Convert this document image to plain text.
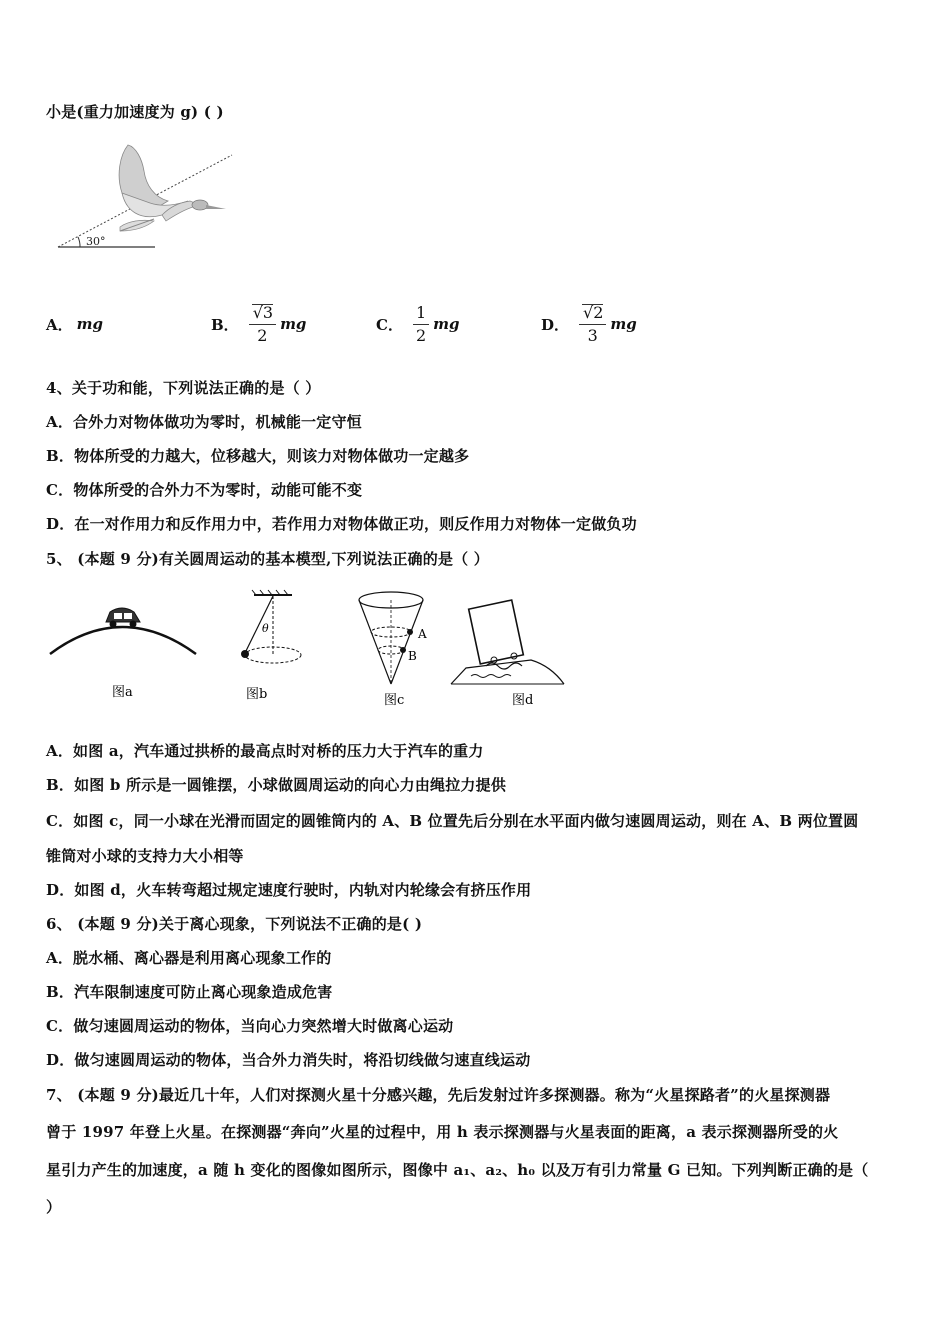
小是(重力加速度为 g) ( )
30°
A． mg	B． $\frac{√3}{2}$ mg	C． $\frac{1}{2}$ mg	D． $\frac{√2}{3}$ mg
4、关于功和能，下列说法正确的是（ ）
A．合外力对物体做功为零时，机械能一定守恒
B．物体所受的力越大，位移越大，则该力对物体做功一定越多
C．物体所受的合外力不为零时，动能可能不变
D．在一对作用力和反作用力中，若作用力对物体做正功，则反作用力对物体一定做负功
5、 (本题 9 分)有关圆周运动的基本模型,下列说法正确的是（ ）
图a
θ
图b
A
B
图c	图d
A．如图 a，汽车通过拱桥的最高点时对桥的压力大于汽车的重力
B．如图 b 所示是一圆锥摆，小球做圆周运动的向心力由绳拉力提供
C．如图 c，同一小球在光滑而固定的圆锥筒内的 A、B 位置先后分别在水平面内做匀速圆周运动，则在 A、B 两位置圆
锥筒对小球的支持力大小相等
D．如图 d，火车转弯超过规定速度行驶时，内轨对内轮缘会有挤压作用
6、 (本题 9 分)关于离心现象，下列说法不正确的是( )
A．脱水桶、离心器是利用离心现象工作的
B．汽车限制速度可防止离心现象造成危害
C．做匀速圆周运动的物体，当向心力突然增大时做离心运动
D．做匀速圆周运动的物体，当合外力消失时，将沿切线做匀速直线运动
7、 (本题 9 分)最近几十年，人们对探测火星十分感兴趣，先后发射过许多探测器。称为“火星探路者”的火星探测器
曾于 1997 年登上火星。在探测器“奔向”火星的过程中，用 h 表示探测器与火星表面的距离，a 表示探测器所受的火
星引力产生的加速度，a 随 h 变化的图像如图所示，图像中 a₁、a₂、h₀ 以及万有引力常量 G 已知。下列判断正确的是（
）
